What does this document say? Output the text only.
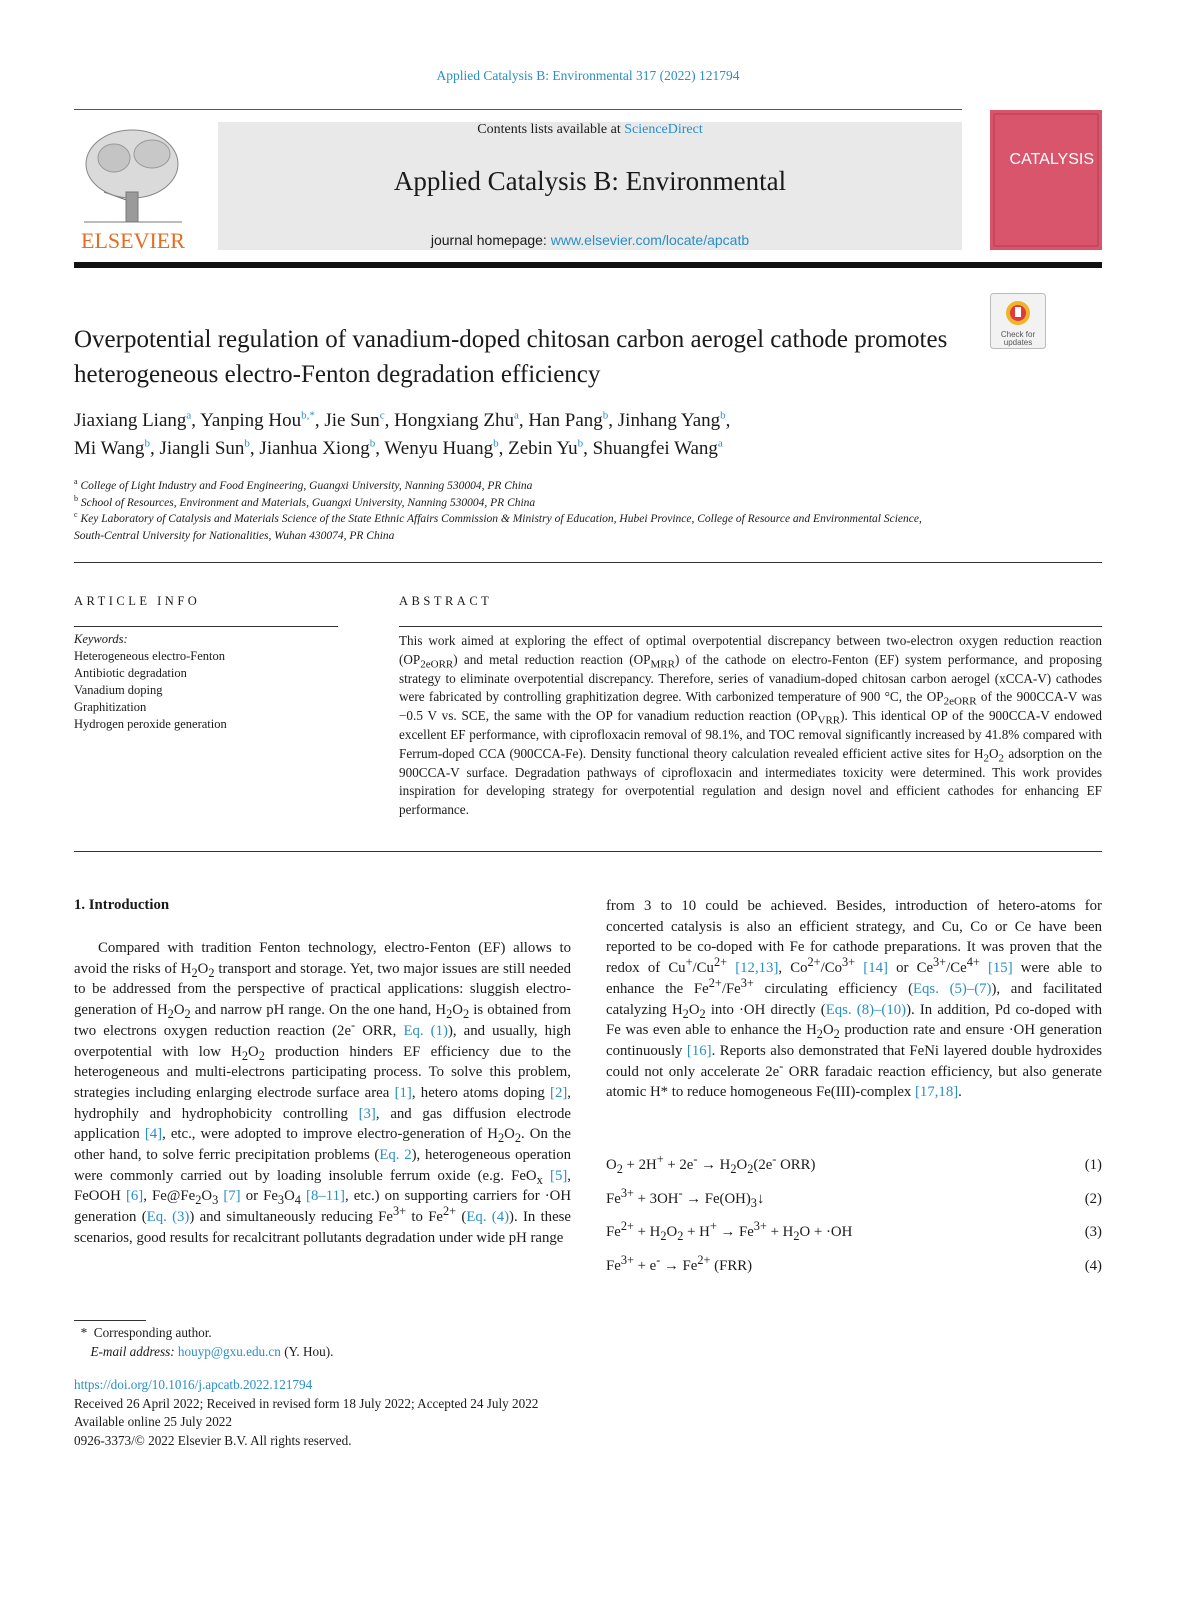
Applied Catalysis B: Environmental 317 (2022) 121794
ELSEVIER
Contents lists available at ScienceDirect
Applied Catalysis B: Environmental
journal homepage: www.elsevier.com/locate/apcatb
CATALYSIS
Overpotential regulation of vanadium-doped chitosan carbon aerogel cathode promotes heterogeneous electro-Fenton degradation efficiency
Check for
updates
Jiaxiang Liang$^a$, Yanping Hou$^{b,*}$, Jie Sun$^c$, Hongxiang Zhu$^a$, Han Pang$^b$, Jinhang Yang$^b$,
Mi Wang$^b$, Jiangli Sun$^b$, Jianhua Xiong$^b$, Wenyu Huang$^b$, Zebin Yu$^b$, Shuangfei Wang$^a$
$^a$ College of Light Industry and Food Engineering, Guangxi University, Nanning 530004, PR China
$^b$ School of Resources, Environment and Materials, Guangxi University, Nanning 530004, PR China
$^c$ Key Laboratory of Catalysis and Materials Science of the State Ethnic Affairs Commission & Ministry of Education, Hubei Province, College of Resource and Environmental Science, South-Central University for Nationalities, Wuhan 430074, PR China
ARTICLE INFO	ABSTRACT
Keywords:
Heterogeneous electro-Fenton
Antibiotic degradation
Vanadium doping
Graphitization
Hydrogen peroxide generation
This work aimed at exploring the effect of optimal overpotential discrepancy between two-electron oxygen reduction reaction $(OP_{2eORR})$ and metal reduction reaction $(OP_{MRR})$ of the cathode on electro-Fenton (EF) system performance, and proposing strategy to eliminate overpotential discrepancy. Therefore, series of vanadium-doped chitosan carbon aerogel (xCCA-V) cathodes were fabricated by controlling graphitization degree. With carbonized temperature of 900 °C, the $OP_{2eORR}$ of the 900CCA-V was −0.5 V vs. SCE, the same with the OP for vanadium reduction reaction $(OP_{VRR})$. This identical OP of the 900CCA-V endowed excellent EF performance, with ciprofloxacin removal of 98.1%, and TOC removal significantly increased by 41.8% compared with Ferrum-doped CCA (900CCA-Fe). Density functional theory calculation revealed efficient active sites for $H_2O_2$ adsorption on the 900CCA-V surface. Degradation pathways of ciprofloxacin and intermediates toxicity were determined. This work provides inspiration for developing strategy for overpotential regulation and design novel and efficient cathodes for enhancing EF performance.
1. Introduction
Compared with tradition Fenton technology, electro-Fenton (EF) allows to avoid the risks of $H_2O_2$ transport and storage. Yet, two major issues are still needed to be addressed from the perspective of practical applications: sluggish electro-generation of $H_2O_2$ and narrow pH range. On the one hand, $H_2O_2$ is obtained from two electrons oxygen reduction reaction (2e- ORR, Eq. (1)), and usually, high overpotential with low $H_2O_2$ production hinders EF efficiency due to the heterogeneous and multi-electrons participating process. To solve this problem, strategies including enlarging electrode surface area [1], hetero atoms doping [2], hydrophily and hydrophobicity controlling [3], and gas diffusion electrode application [4], etc., were adopted to improve electro-generation of $H_2O_2$. On the other hand, to solve ferric precipitation problems (Eq. 2), heterogeneous operation were commonly carried out by loading insoluble ferrum oxide (e.g. FeO$_x$ [5], FeOOH [6], $Fe@Fe_2O_3$ [7] or $Fe_3O_4$ [8–11], etc.) on supporting carriers for ·OH generation (Eq. (3)) and simultaneously reducing $Fe^{3+}$ to $Fe^{2+}$ (Eq. (4)). In these scenarios, good results for recalcitrant pollutants degradation under wide pH range
from 3 to 10 could be achieved. Besides, introduction of hetero-atoms for concerted catalysis is also an efficient strategy, and Cu, Co or Ce have been reported to be co-doped with Fe for cathode preparations. It was proven that the redox of $Cu^+/Cu^{2+}$ [12,13], $Co^{2+}/Co^{3+}$ [14] or $Ce^{3+}/Ce^{4+}$ [15] were able to enhance the $Fe^{2+}/Fe^{3+}$ circulating efficiency (Eqs. (5)–(7)), and facilitated catalyzing $H_2O_2$ into ·OH directly (Eqs. (8)–(10)). In addition, Pd co-doped with Fe was even able to enhance the $H_2O_2$ production rate and ensure ·OH generation continuously [16]. Reports also demonstrated that FeNi layered double hydroxides could not only accelerate 2e- ORR faradaic reaction efficiency, but also generate atomic H* to reduce homogeneous Fe(III)-complex [17,18].
$O_2 + 2H^+ + 2e^- \to H_2O_2(2e^-$ ORR)	(1)
$Fe^{3+} + 3OH^-$ → $Fe(OH)_3↓$	(2)
$Fe^{2+} + H_2O_2 + H^+ \to Fe^{3+} + H_2O + \cdot OH$	(3)
$Fe^{3+} + e^- \to Fe^{2+}$ (FRR)	(4)
* Corresponding author.
E-mail address: houyp@gxu.edu.cn (Y. Hou).
https://doi.org/10.1016/j.apcatb.2022.121794
Received 26 April 2022; Received in revised form 18 July 2022; Accepted 24 July 2022
Available online 25 July 2022
0926-3373/© 2022 Elsevier B.V. All rights reserved.
